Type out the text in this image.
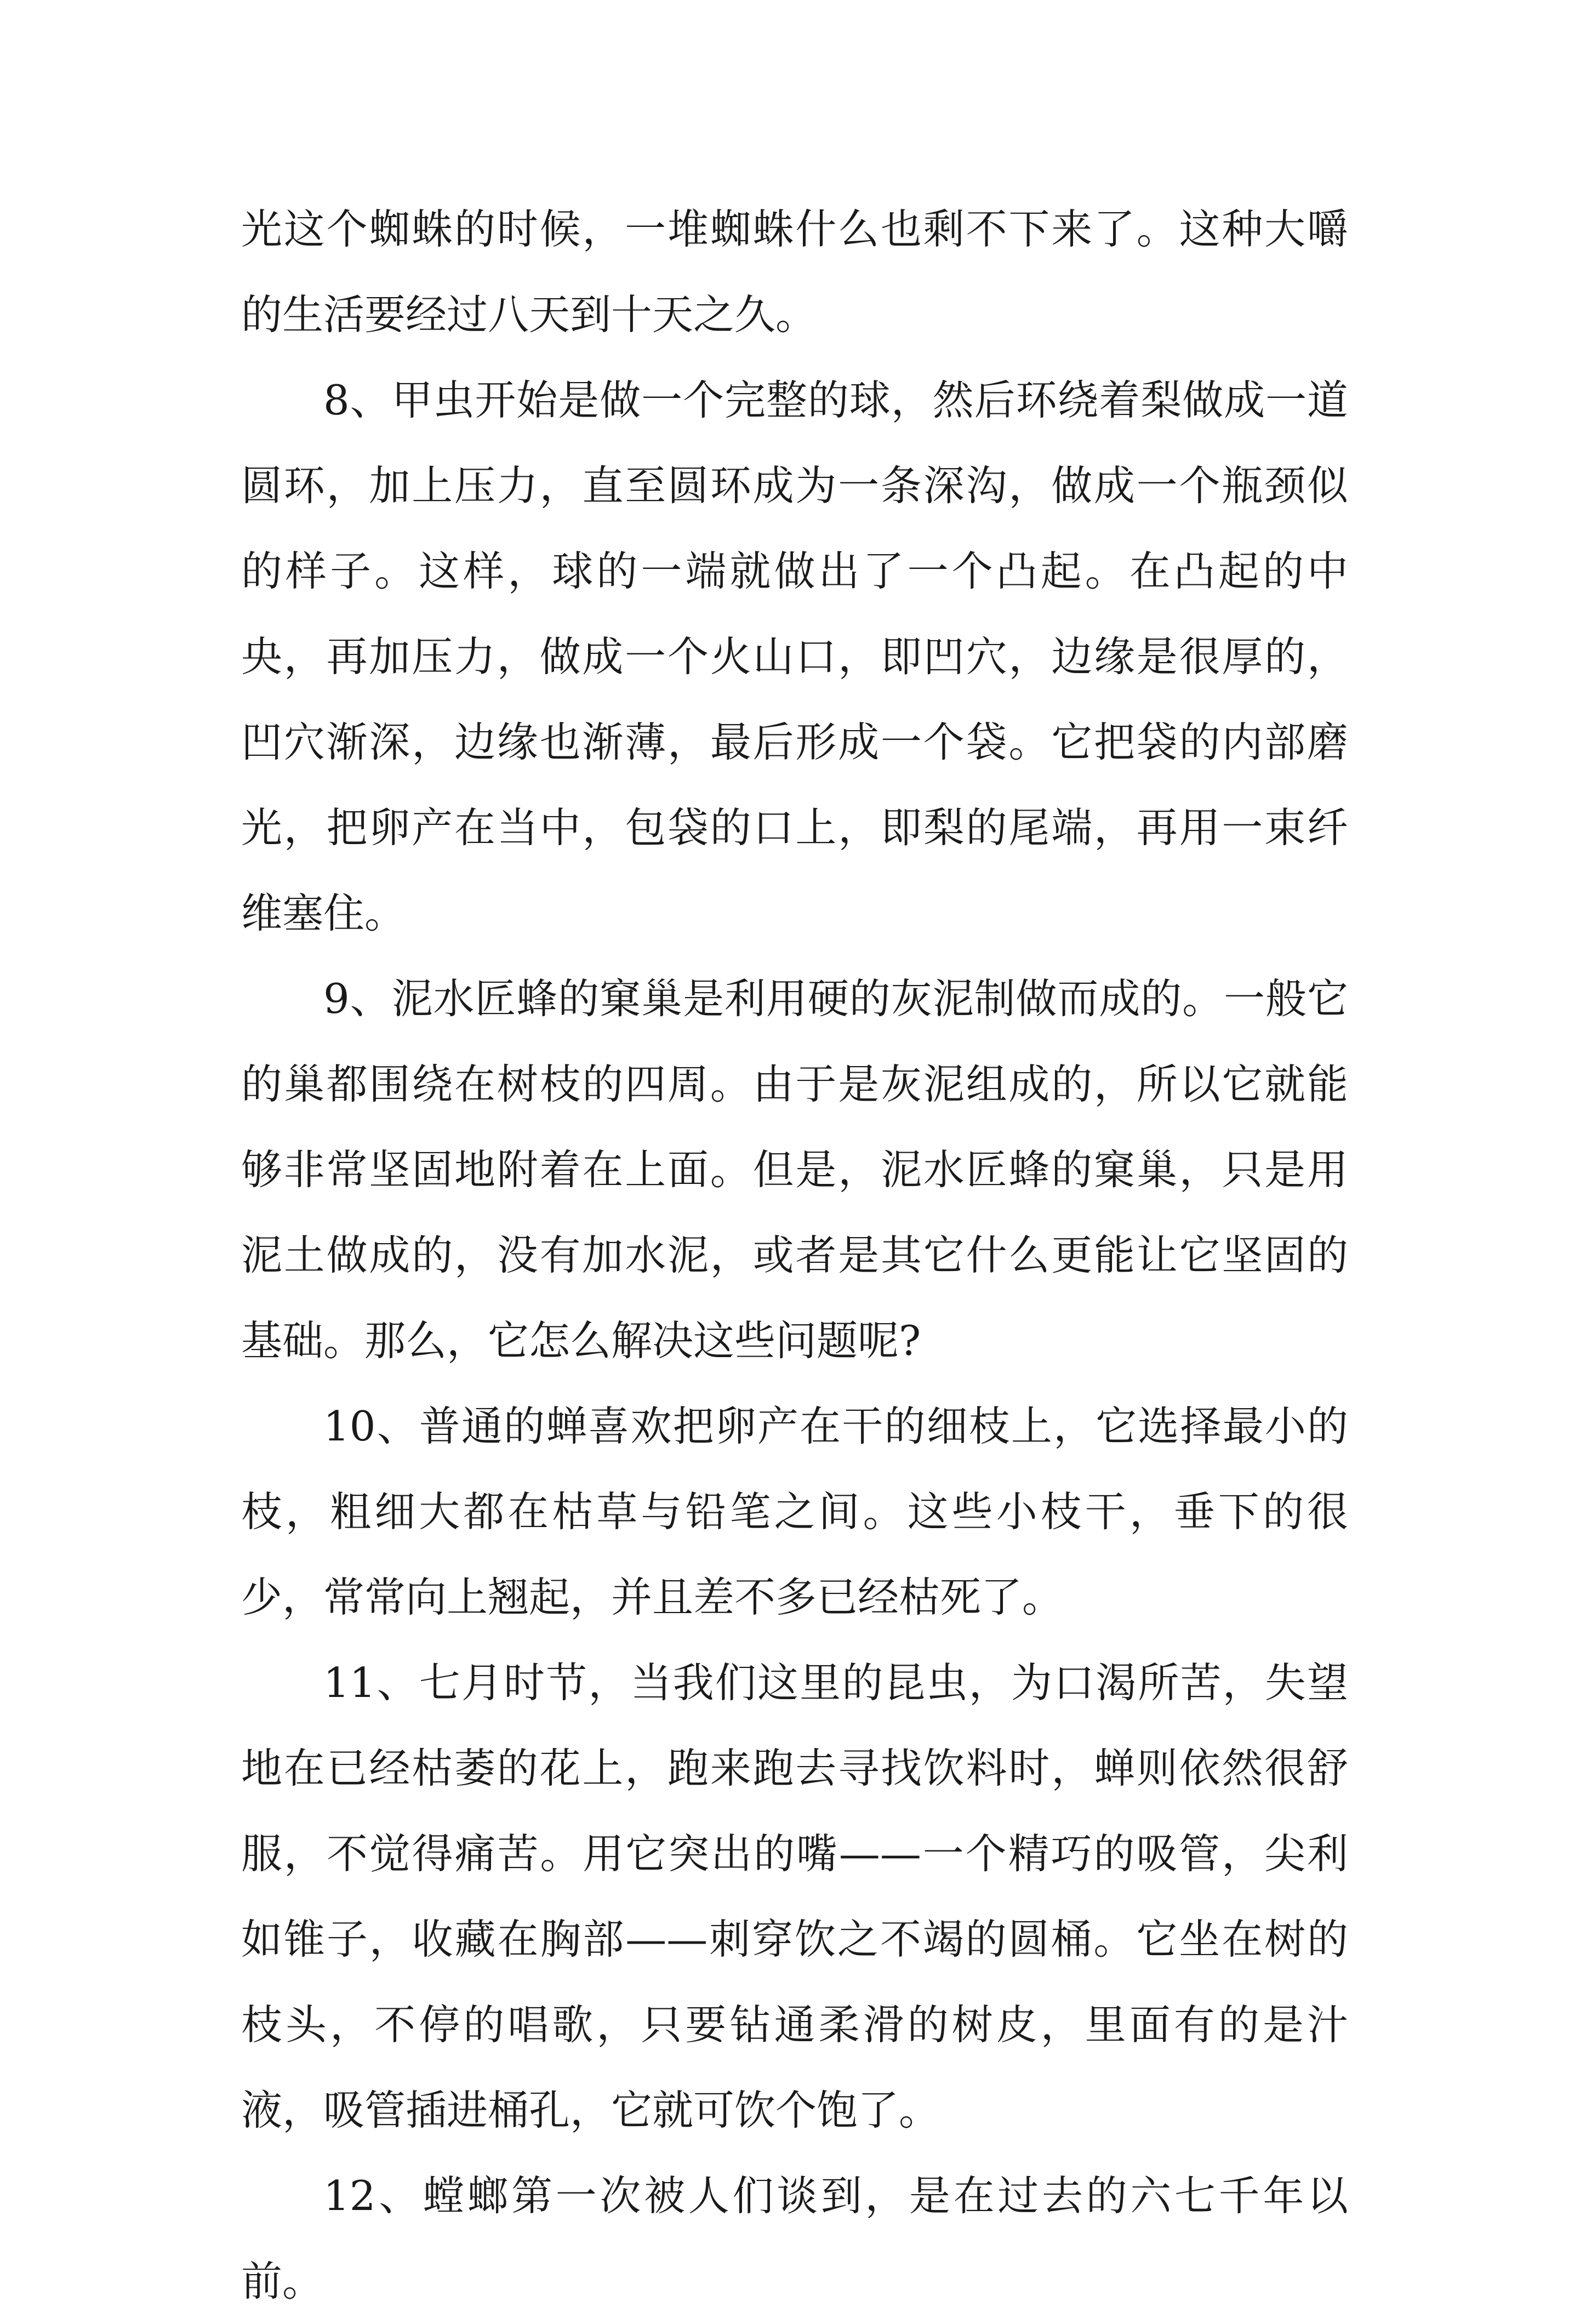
光这个蜘蛛的时候，一堆蜘蛛什么也剩不下来了。这种大嚼的生活要经过八天到十天之久。

8、甲虫开始是做一个完整的球，然后环绕着梨做成一道圆环，加上压力，直至圆环成为一条深沟，做成一个瓶颈似的样子。这样，球的一端就做出了一个凸起。在凸起的中央，再加压力，做成一个火山口，即凹穴，边缘是很厚的，凹穴渐深，边缘也渐薄，最后形成一个袋。它把袋的内部磨光，把卵产在当中，包袋的口上，即梨的尾端，再用一束纤维塞住。

9、泥水匠蜂的窠巢是利用硬的灰泥制做而成的。一般它的巢都围绕在树枝的四周。由于是灰泥组成的，所以它就能够非常坚固地附着在上面。但是，泥水匠蜂的窠巢，只是用泥土做成的，没有加水泥，或者是其它什么更能让它坚固的基础。那么，它怎么解决这些问题呢?

10、普通的蝉喜欢把卵产在干的细枝上，它选择最小的枝，粗细大都在枯草与铅笔之间。这些小枝干，垂下的很少，常常向上翘起，并且差不多已经枯死了。

11、七月时节，当我们这里的昆虫，为口渴所苦，失望地在已经枯萎的花上，跑来跑去寻找饮料时，蝉则依然很舒服，不觉得痛苦。用它突出的嘴——一个精巧的吸管，尖利如锥子，收藏在胸部——刺穿饮之不竭的圆桶。它坐在树的枝头，不停的唱歌，只要钻通柔滑的树皮，里面有的是汁液，吸管插进桶孔，它就可饮个饱了。

12、螳螂第一次被人们谈到，是在过去的六七千年以前。
